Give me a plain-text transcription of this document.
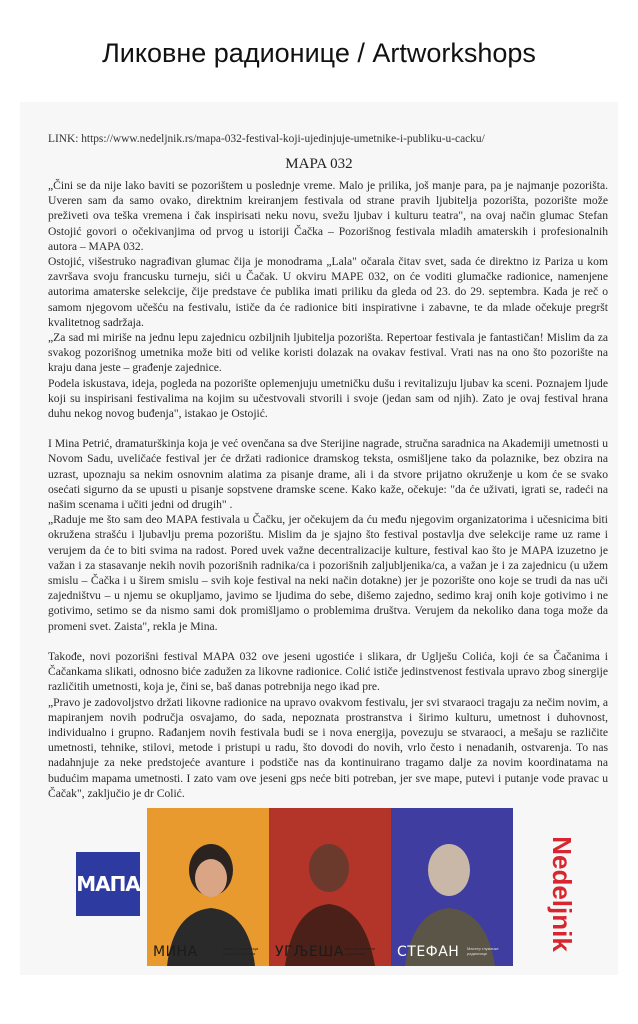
Ликовне радионице / Artworkshops
LINK: https://www.nedeljnik.rs/mapa-032-festival-koji-ujedinjuje-umetnike-i-publiku-u-cacku/
MAPA 032

„Čini se da nije lako baviti se pozorištem u poslednje vreme. Malo je prilika, još manje para, pa je najmanje pozorišta. Uveren sam da samo ovako, direktnim kreiranjem festivala od strane pravih ljubitelja pozorišta, pozorište može preživeti ova teška vremena i čak inspirisati neku novu, svežu ljubav i kulturu teatra", na ovaj način glumac Stefan Ostojić govori o očekivanjima od prvog u istoriji Čačka – Pozorišnog festivala mladih amaterskih i profesionalnih autora – MAPA 032.

Ostojić, višestruko nagrađivan glumac čija je monodrama „Lala" očarala čitav svet, sada će direktno iz Pariza u kom završava svoju francusku turneju, sići u Čačak. U okviru MAPE 032, on će voditi glumačke radionice, namenjene autorima amaterske selekcije, čije predstave će publika imati priliku da gleda od 23. do 29. septembra. Kada je reč o samom njegovom učešću na festivalu, ističe da će radionice biti inspirativne i zabavne, te da mlade očekuje pregršt kvalitetnog sadržaja.

„Za sad mi miriše na jednu lepu zajednicu ozbiljnih ljubitelja pozorišta. Repertoar festivala je fantastičan! Mislim da za svakog pozorišnog umetnika može biti od velike koristi dolazak na ovakav festival. Vrati nas na ono što pozorište na kraju dana jeste – građenje zajednice.

Podela iskustava, ideja, pogleda na pozorište oplemenjuju umetničku dušu i revitalizuju ljubav ka sceni. Poznajem ljude koji su inspirisani festivalima na kojim su učestvovali stvorili i svoje (jedan sam od njih). Zato je ovaj festival hrana duhu nekog novog buđenja", istakao je Ostojić.

I Mina Petrić, dramaturškinja koja je već ovenčana sa dve Sterijine nagrade, stručna saradnica na Akademiji umetnosti u Novom Sadu, uveličaće festival jer će držati radionice dramskog teksta, osmišljene tako da polaznike, bez obzira na uzrast, upoznaju sa nekim osnovnim alatima za pisanje drame, ali i da stvore prijatno okruženje u kom će se svako osećati sigurno da se upusti u pisanje sopstvene dramske scene. Kako kaže, očekuje: "da će uživati, igrati se, radeći na našim scenama i učiti jedni od drugih" .

„Raduje me što sam deo MAPA festivala u Čačku, jer očekujem da ću među njegovim organizatorima i učesnicima biti okružena strašću i ljubavlju prema pozorištu. Mislim da je sjajno što festival postavlja dve selekcije rame uz rame i verujem da će to biti svima na radost. Pored uvek važne decentralizacije kulture, festival kao što je MAPA izuzetno je važan i za stasavanje nekih novih pozorišnih radnika/ca i pozorišnih zaljubljenika/ca, a važan je i za zajednicu (u užem smislu – Čačka i u širem smislu – svih koje festival na neki način dotakne) jer je pozorište ono koje se trudi da nas uči zajedništvu – u njemu se okupljamo, javimo se ljudima do sebe, dišemo zajedno, sedimo kraj onih koje gotivimo i ne gotivimo, setimo se da nismo sami dok promišljamo o problemima društva. Verujem da nekoliko dana toga može da promeni svet. Zaista", rekla je Mina.

Takođe, novi pozorišni festival MAPA 032 ove jeseni ugostiće i slikara, dr Uglješu Colića, koji će sa Čačanima i Čačankama slikati, odnosno biće zadužen za likovne radionice. Colić ističe jedinstvenost festivala upravo zbog sinergije različitih umetnosti, koja je, čini se, baš danas potrebnija nego ikad pre.

„Pravo je zadovoljstvo držati likovne radionice na upravo ovakvom festivalu, jer svi stvaraoci tragaju za nečim novim, a mapiranjem novih područja osvajamo, do sada, nepoznata prostranstva i širimo kulturu, umetnost i duhovnost, individualno i grupno. Rađanjem novih festivala budi se i nova energija, povezuju se stvaraoci, a mešaju se različite umetnosti, tehnike, stilovi, metode i pristupi u radu, što dovodi do novih, vrlo često i nenadanih, ostvarenja. To nas nadahnjuje za neke predstojeće avanture i podstiče nas da kontinuirano tragamo dalje za novim koordinatama na budućim mapama umetnosti. I zato vam ove jeseni gps neće biti potreban, jer sve mape, putevi i putanje vode pravac u Čačak", zaključio je dr Colić.

МАПА
МИНА	Мастер радионица драмског писања	УГЉЕША Мастер ликовне радионице	СТЕФАН Мастер глумачке радионице
Nedeljnik
